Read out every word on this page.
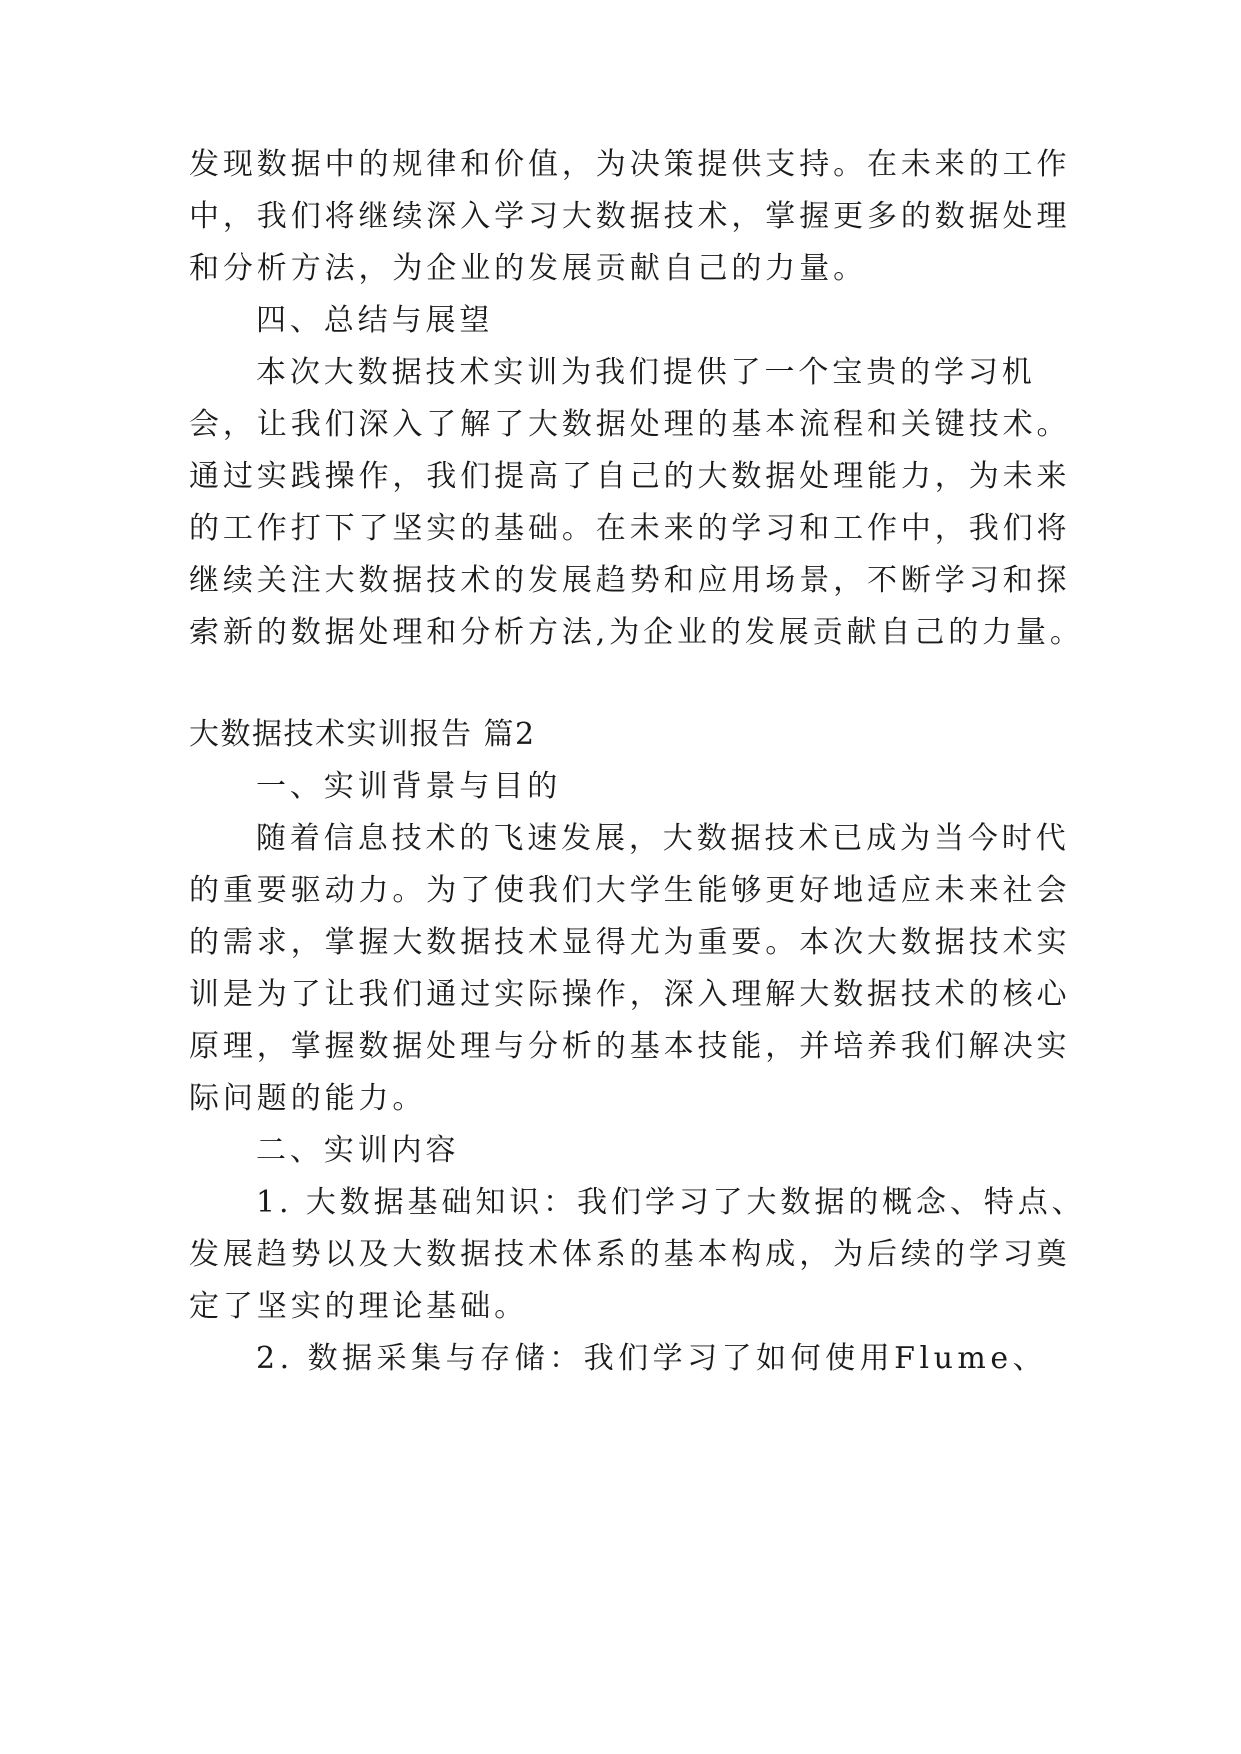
发现数据中的规律和价值，为决策提供支持。在未来的工作
中，我们将继续深入学习大数据技术，掌握更多的数据处理
和分析方法，为企业的发展贡献自己的力量。
四、总结与展望
本次大数据技术实训为我们提供了一个宝贵的学习机
会，让我们深入了解了大数据处理的基本流程和关键技术。
通过实践操作，我们提高了自己的大数据处理能力，为未来
的工作打下了坚实的基础。在未来的学习和工作中，我们将
继续关注大数据技术的发展趋势和应用场景，不断学习和探
索新的数据处理和分析方法,为企业的发展贡献自己的力量。
大数据技术实训报告 篇2
一、实训背景与目的
随着信息技术的飞速发展，大数据技术已成为当今时代
的重要驱动力。为了使我们大学生能够更好地适应未来社会
的需求，掌握大数据技术显得尤为重要。本次大数据技术实
训是为了让我们通过实际操作，深入理解大数据技术的核心
原理，掌握数据处理与分析的基本技能，并培养我们解决实
际问题的能力。
二、实训内容
1. 大数据基础知识：我们学习了大数据的概念、特点、
发展趋势以及大数据技术体系的基本构成，为后续的学习奠
定了坚实的理论基础。
2. 数据采集与存储：我们学习了如何使用Flume、
